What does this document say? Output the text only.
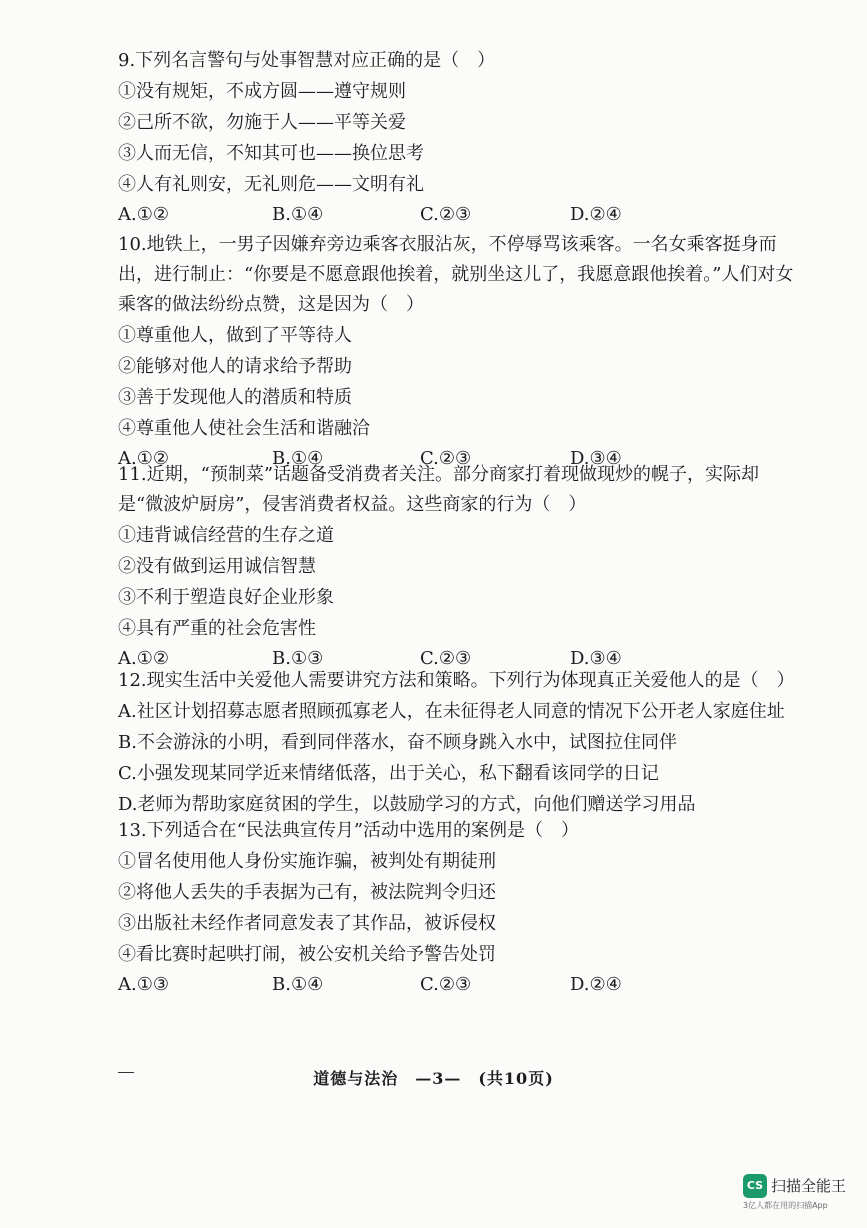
9.下列名言警句与处事智慧对应正确的是（　）

①没有规矩，不成方圆——遵守规则

②己所不欲，勿施于人——平等关爱

③人而无信，不知其可也——换位思考

④人有礼则安，无礼则危——文明有礼

A.①②	B.①④	C.②③	D.②④

10.地铁上，一男子因嫌弃旁边乘客衣服沾灰，不停辱骂该乘客。一名女乘客挺身而出，进行制止：“你要是不愿意跟他挨着，就别坐这儿了，我愿意跟他挨着。”人们对女乘客的做法纷纷点赞，这是因为（　）

①尊重他人，做到了平等待人

②能够对他人的请求给予帮助

③善于发现他人的潜质和特质

④尊重他人使社会生活和谐融洽

A.①②	B.①④	C.②③	D.③④

11.近期，“预制菜”话题备受消费者关注。部分商家打着现做现炒的幌子，实际却是“微波炉厨房”，侵害消费者权益。这些商家的行为（　）

①违背诚信经营的生存之道

②没有做到运用诚信智慧

③不利于塑造良好企业形象

④具有严重的社会危害性

A.①②	B.①③	C.②③	D.③④

12.现实生活中关爱他人需要讲究方法和策略。下列行为体现真正关爱他人的是（　）

A.社区计划招募志愿者照顾孤寡老人，在未征得老人同意的情况下公开老人家庭住址

B.不会游泳的小明，看到同伴落水，奋不顾身跳入水中，试图拉住同伴

C.小强发现某同学近来情绪低落，出于关心，私下翻看该同学的日记

D.老师为帮助家庭贫困的学生，以鼓励学习的方式，向他们赠送学习用品

13.下列适合在“民法典宣传月”活动中选用的案例是（　）

①冒名使用他人身份实施诈骗，被判处有期徒刑

②将他人丢失的手表据为己有，被法院判令归还

③出版社未经作者同意发表了其作品，被诉侵权

④看比赛时起哄打闹，被公安机关给予警告处罚

A.①③	B.①④	C.②③	D.②④
道德与法治　—3—　(共10页)
CS 扫描全能王
3亿人都在用的扫描App
